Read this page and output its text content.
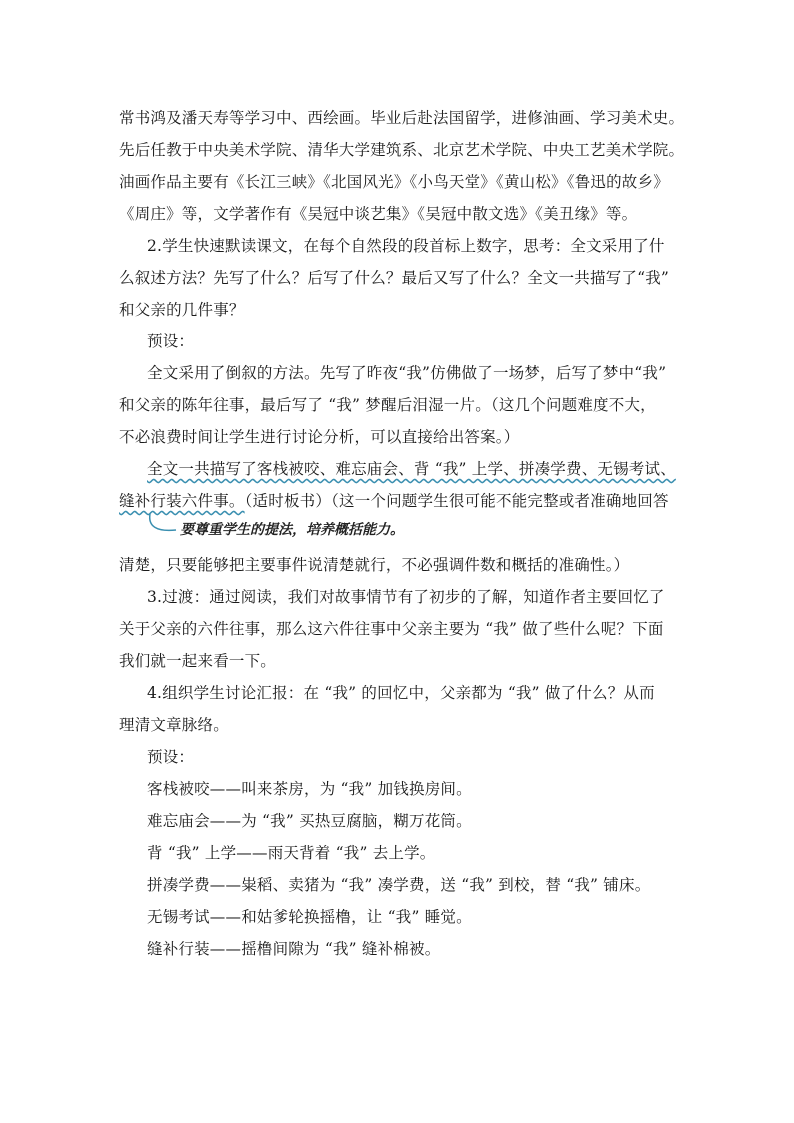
常书鸿及潘天寿等学习中、西绘画。毕业后赴法国留学，进修油画、学习美术史。
先后任教于中央美术学院、清华大学建筑系、北京艺术学院、中央工艺美术学院。
油画作品主要有《长江三峡》《北国风光》《小鸟天堂》《黄山松》《鲁迅的故乡》
《周庄》等，文学著作有《吴冠中谈艺集》《吴冠中散文选》《美丑缘》等。
2.学生快速默读课文，在每个自然段的段首标上数字，思考：全文采用了什
么叙述方法？先写了什么？后写了什么？最后又写了什么？全文一共描写了“我”
和父亲的几件事？
预设：
全文采用了倒叙的方法。先写了昨夜“我”仿佛做了一场梦，后写了梦中“我”
和父亲的陈年往事，最后写了 “我” 梦醒后泪湿一片。（这几个问题难度不大，
不必浪费时间让学生进行讨论分析，可以直接给出答案。）
全文一共描写了客栈被咬、难忘庙会、背 “我” 上学、拼凑学费、无锡考试、
缝补行装六件事。（适时板书）（这一个问题学生很可能不能完整或者准确地回答
要尊重学生的提法，培养概括能力。
清楚，只要能够把主要事件说清楚就行，不必强调件数和概括的准确性。）
3.过渡：通过阅读，我们对故事情节有了初步的了解，知道作者主要回忆了
关于父亲的六件往事，那么这六件往事中父亲主要为 “我” 做了些什么呢？下面
我们就一起来看一下。
4.组织学生讨论汇报：在 “我” 的回忆中，父亲都为 “我” 做了什么？从而
理清文章脉络。
预设：
客栈被咬——叫来茶房，为 “我” 加钱换房间。
难忘庙会——为 “我” 买热豆腐脑，糊万花筒。
背 “我” 上学——雨天背着 “我” 去上学。
拼凑学费——粜稻、卖猪为 “我” 凑学费，送 “我” 到校，替 “我” 铺床。
无锡考试——和姑爹轮换摇橹，让 “我” 睡觉。
缝补行装——摇橹间隙为 “我” 缝补棉被。
